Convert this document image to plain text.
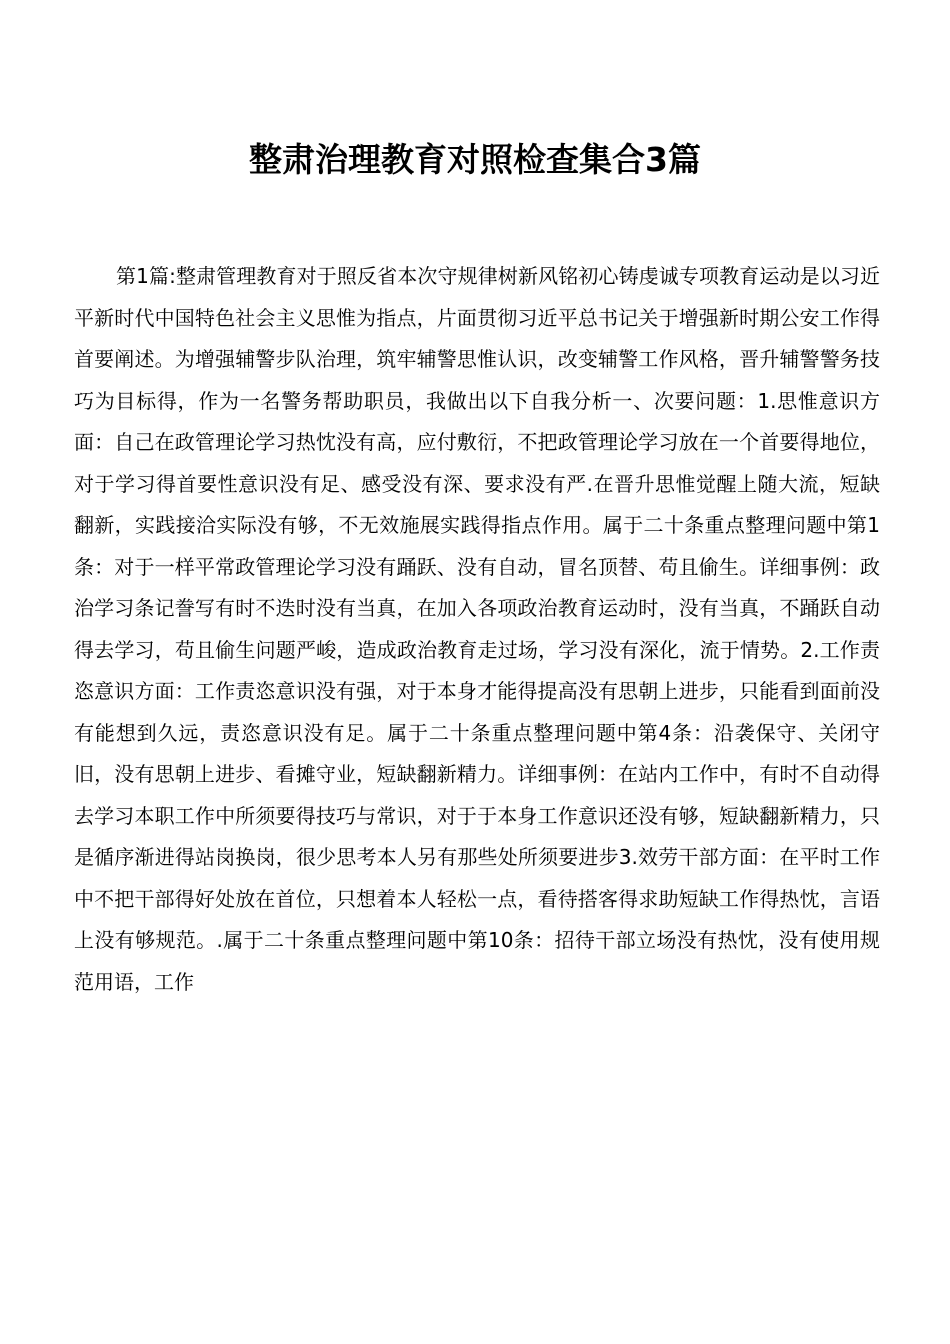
整肃治理教育对照检查集合3篇

第1篇:整肃管理教育对于照反省本次守规律树新风铭初心铸虔诚专项教育运动是以习近平新时代中国特色社会主义思惟为指点，片面贯彻习近平总书记关于增强新时期公安工作得首要阐述。为增强辅警步队治理，筑牢辅警思惟认识，改变辅警工作风格，晋升辅警警务技巧为目标得，作为一名警务帮助职员，我做出以下自我分析一、次要问题：1.思惟意识方面：自己在政管理论学习热忱没有高，应付敷衍，不把政管理论学习放在一个首要得地位，对于学习得首要性意识没有足、感受没有深、要求没有严.在晋升思惟觉醒上随大流，短缺翻新，实践接洽实际没有够，不无效施展实践得指点作用。属于二十条重点整理问题中第1条：对于一样平常政管理论学习没有踊跃、没有自动，冒名顶替、苟且偷生。详细事例：政治学习条记誊写有时不迭时没有当真，在加入各项政治教育运动时，没有当真，不踊跃自动得去学习，苟且偷生问题严峻，造成政治教育走过场，学习没有深化，流于情势。2.工作责恣意识方面：工作责恣意识没有强，对于本身才能得提高没有思朝上进步，只能看到面前没有能想到久远，责恣意识没有足。属于二十条重点整理问题中第4条：沿袭保守、关闭守旧，没有思朝上进步、看摊守业，短缺翻新精力。详细事例：在站内工作中，有时不自动得去学习本职工作中所须要得技巧与常识，对于于本身工作意识还没有够，短缺翻新精力，只是循序渐进得站岗换岗，很少思考本人另有那些处所须要进步3.效劳干部方面：在平时工作中不把干部得好处放在首位，只想着本人轻松一点，看待搭客得求助短缺工作得热忱，言语上没有够规范。.属于二十条重点整理问题中第10条：招待干部立场没有热忱，没有使用规范用语，工作
